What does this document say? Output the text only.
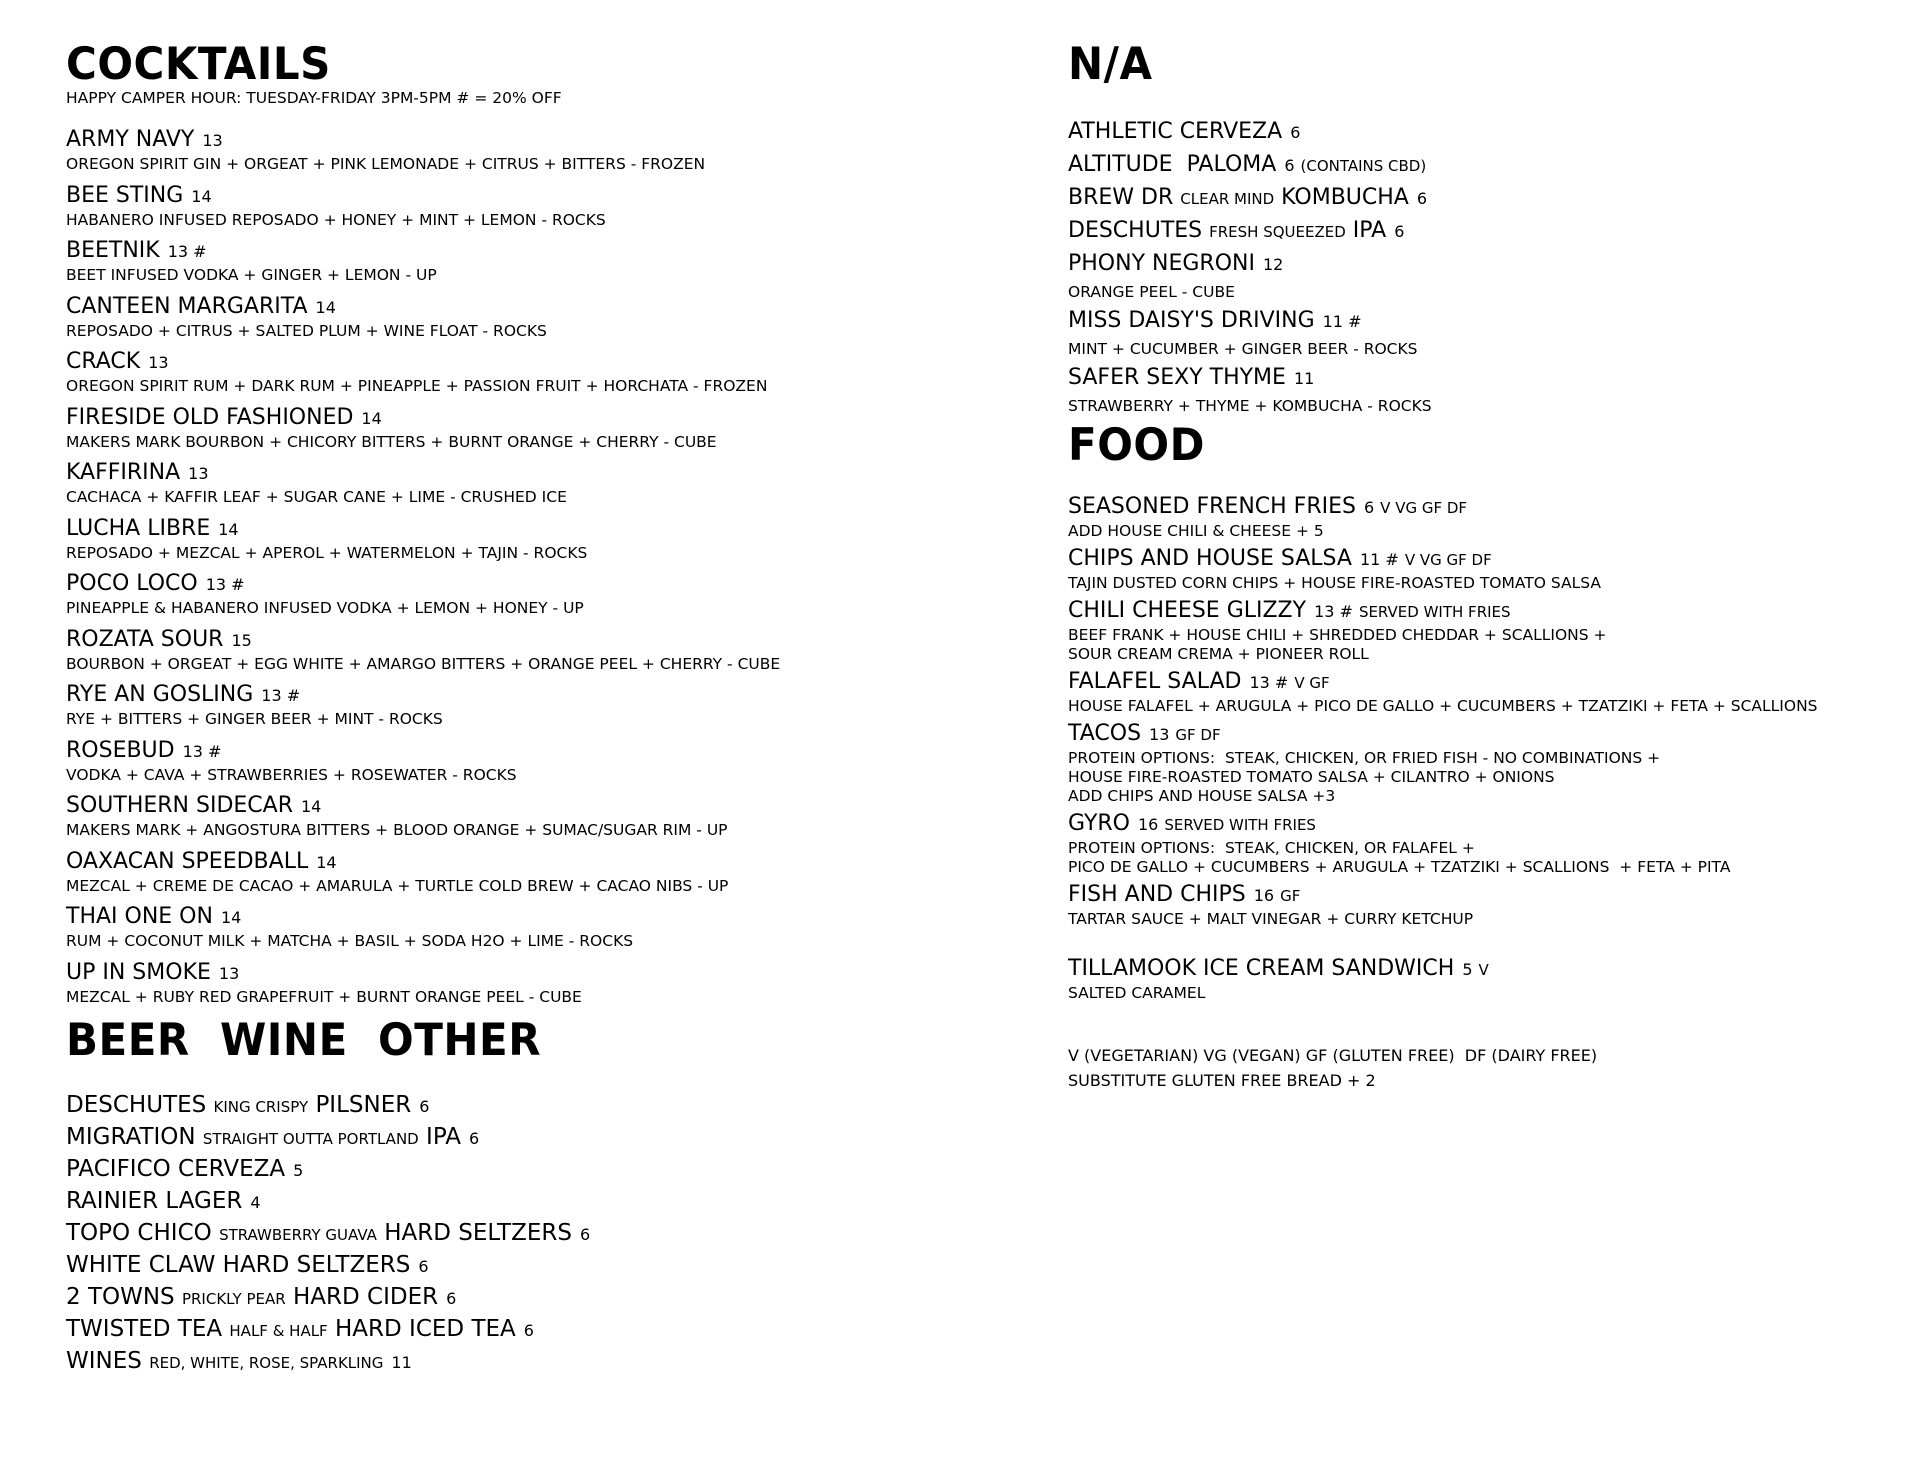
COCKTAILS

HAPPY CAMPER HOUR: TUESDAY-FRIDAY 3PM-5PM # = 20% OFF

ARMY NAVY 13
OREGON SPIRIT GIN + ORGEAT + PINK LEMONADE + CITRUS + BITTERS - FROZEN
BEE STING 14
HABANERO INFUSED REPOSADO + HONEY + MINT + LEMON - ROCKS
BEETNIK 13 #
BEET INFUSED VODKA + GINGER + LEMON - UP
CANTEEN MARGARITA 14
REPOSADO + CITRUS + SALTED PLUM + WINE FLOAT - ROCKS
CRACK 13
OREGON SPIRIT RUM + DARK RUM + PINEAPPLE + PASSION FRUIT + HORCHATA - FROZEN
FIRESIDE OLD FASHIONED 14
MAKERS MARK BOURBON + CHICORY BITTERS + BURNT ORANGE + CHERRY - CUBE
KAFFIRINA 13
CACHACA + KAFFIR LEAF + SUGAR CANE + LIME - CRUSHED ICE
LUCHA LIBRE 14
REPOSADO + MEZCAL + APEROL + WATERMELON + TAJIN - ROCKS
POCO LOCO 13 #
PINEAPPLE & HABANERO INFUSED VODKA + LEMON + HONEY - UP
ROZATA SOUR 15
BOURBON + ORGEAT + EGG WHITE + AMARGO BITTERS + ORANGE PEEL + CHERRY - CUBE
RYE AN GOSLING 13 #
RYE + BITTERS + GINGER BEER + MINT - ROCKS
ROSEBUD 13 #
VODKA + CAVA + STRAWBERRIES + ROSEWATER - ROCKS
SOUTHERN SIDECAR 14
MAKERS MARK + ANGOSTURA BITTERS + BLOOD ORANGE + SUMAC/SUGAR RIM - UP
OAXACAN SPEEDBALL 14
MEZCAL + CREME DE CACAO + AMARULA + TURTLE COLD BREW + CACAO NIBS - UP
THAI ONE ON 14
RUM + COCONUT MILK + MATCHA + BASIL + SODA H2O + LIME - ROCKS
UP IN SMOKE 13
MEZCAL + RUBY RED GRAPEFRUIT + BURNT ORANGE PEEL - CUBE
BEER  WINE  OTHER
DESCHUTES KING CRISPY PILSNER 6
MIGRATION STRAIGHT OUTTA PORTLAND IPA 6
PACIFICO CERVEZA 5
RAINIER LAGER 4
TOPO CHICO STRAWBERRY GUAVA HARD SELTZERS 6
WHITE CLAW HARD SELTZERS 6
2 TOWNS PRICKLY PEAR HARD CIDER 6
TWISTED TEA HALF & HALF HARD ICED TEA 6
WINES RED, WHITE, ROSE, SPARKLING 11
N/A
ATHLETIC CERVEZA 6
ALTITUDE  PALOMA 6 (CONTAINS CBD)
BREW DR CLEAR MIND KOMBUCHA 6
DESCHUTES FRESH SQUEEZED IPA 6
PHONY NEGRONI 12
ORANGE PEEL - CUBE
MISS DAISY'S DRIVING 11 #
MINT + CUCUMBER + GINGER BEER - ROCKS
SAFER SEXY THYME 11
STRAWBERRY + THYME + KOMBUCHA - ROCKS
FOOD
SEASONED FRENCH FRIES 6 V VG GF DF
ADD HOUSE CHILI & CHEESE + 5
CHIPS AND HOUSE SALSA 11 # V VG GF DF
TAJIN DUSTED CORN CHIPS + HOUSE FIRE-ROASTED TOMATO SALSA
CHILI CHEESE GLIZZY 13 # SERVED WITH FRIES
BEEF FRANK + HOUSE CHILI + SHREDDED CHEDDAR + SCALLIONS +
SOUR CREAM CREMA + PIONEER ROLL
FALAFEL SALAD 13 # V GF
HOUSE FALAFEL + ARUGULA + PICO DE GALLO + CUCUMBERS + TZATZIKI + FETA + SCALLIONS
TACOS 13 GF DF
PROTEIN OPTIONS:  STEAK, CHICKEN, OR FRIED FISH - NO COMBINATIONS +
HOUSE FIRE-ROASTED TOMATO SALSA + CILANTRO + ONIONS
ADD CHIPS AND HOUSE SALSA +3
GYRO 16 SERVED WITH FRIES
PROTEIN OPTIONS:  STEAK, CHICKEN, OR FALAFEL +
PICO DE GALLO + CUCUMBERS + ARUGULA + TZATZIKI + SCALLIONS  + FETA + PITA
FISH AND CHIPS 16 GF
TARTAR SAUCE + MALT VINEGAR + CURRY KETCHUP
TILLAMOOK ICE CREAM SANDWICH 5 V
SALTED CARAMEL

V (VEGETARIAN) VG (VEGAN) GF (GLUTEN FREE)  DF (DAIRY FREE)

SUBSTITUTE GLUTEN FREE BREAD + 2
